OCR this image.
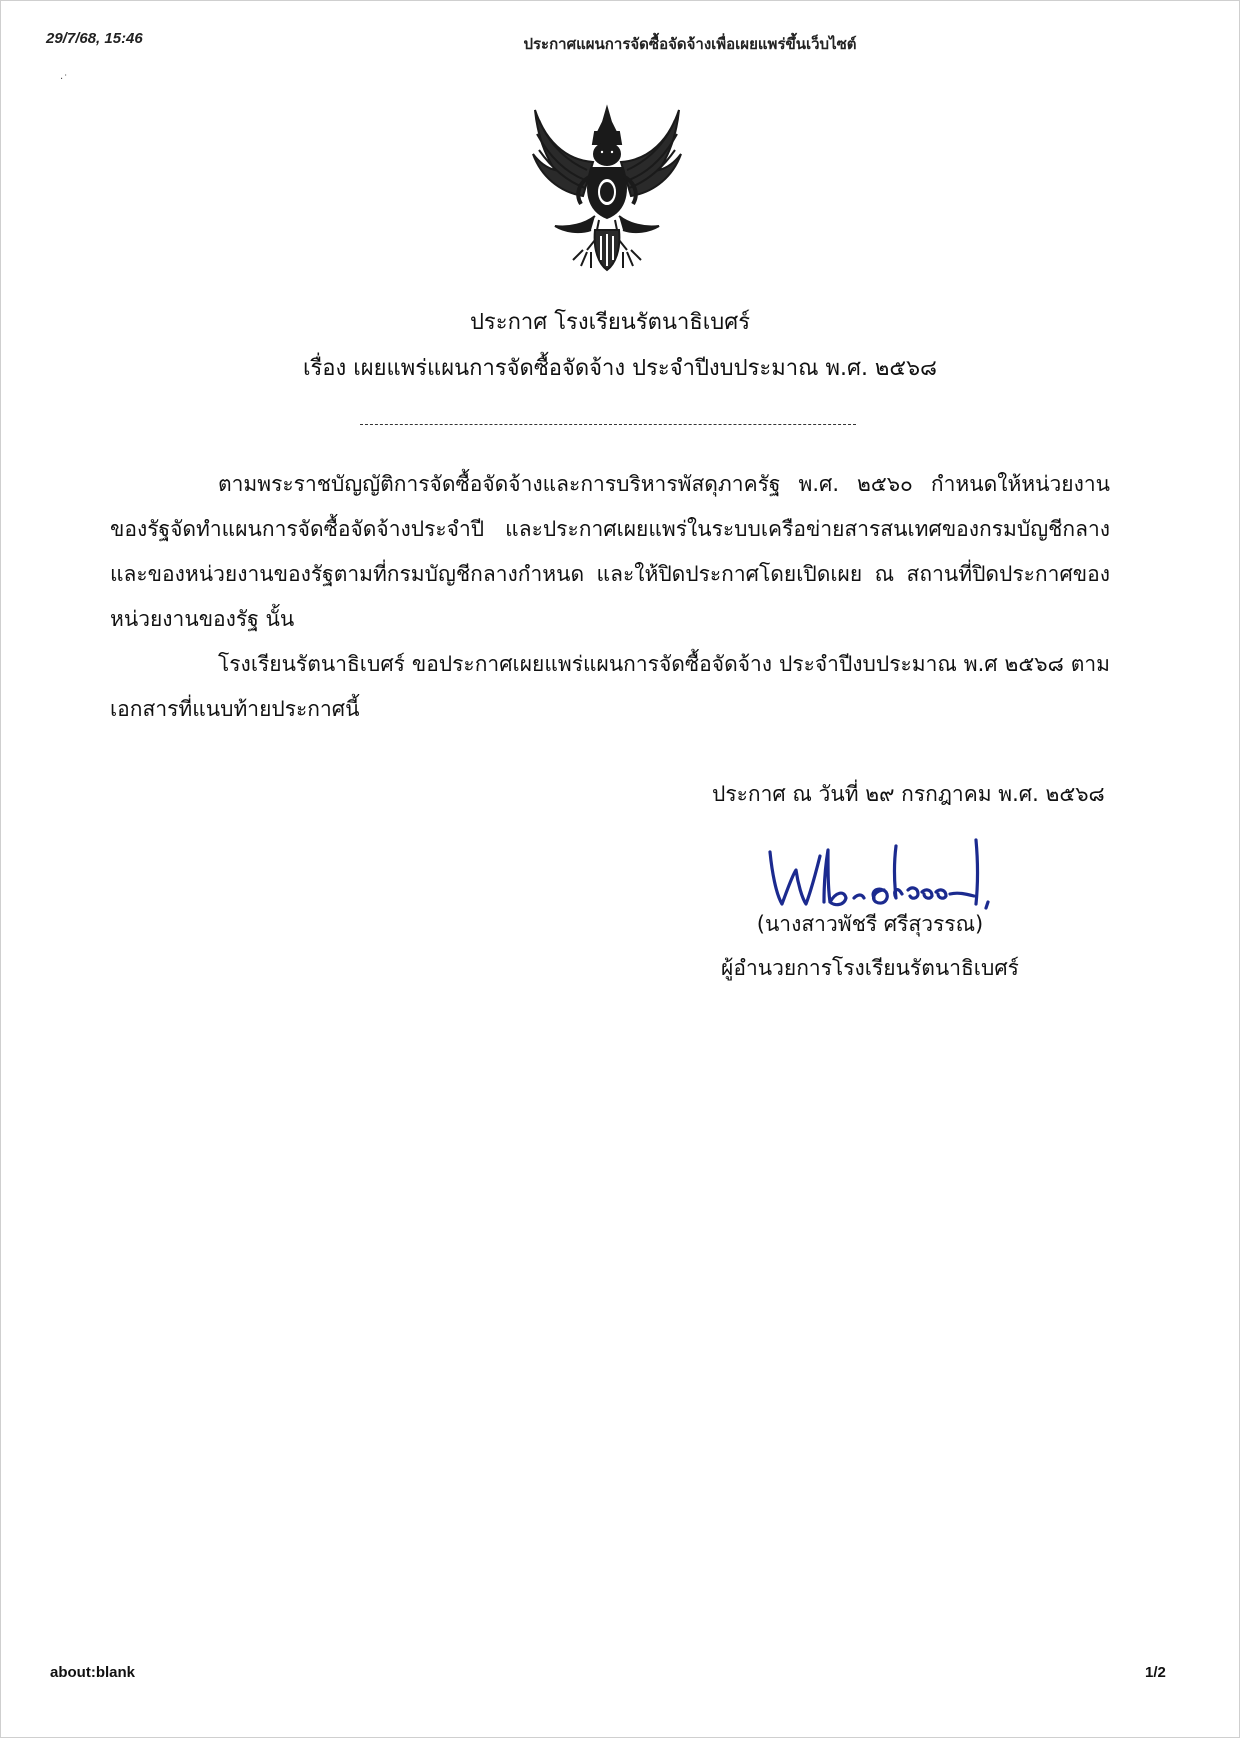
29/7/68, 15:46	ประกาศแผนการจัดซื้อจัดจ้างเพื่อเผยแพร่ขึ้นเว็บไซต์
·˙
ประกาศ โรงเรียนรัตนาธิเบศร์
เรื่อง เผยแพร่แผนการจัดซื้อจัดจ้าง ประจำปีงบประมาณ พ.ศ. ๒๕๖๘
ตามพระราชบัญญัติการจัดซื้อจัดจ้างและการบริหารพัสดุภาครัฐ พ.ศ. ๒๕๖๐ กำหนดให้หน่วยงานของรัฐจัดทำแผนการจัดซื้อจัดจ้างประจำปี และประกาศเผยแพร่ในระบบเครือข่ายสารสนเทศของกรมบัญชีกลางและของหน่วยงานของรัฐตามที่กรมบัญชีกลางกำหนด และให้ปิดประกาศโดยเปิดเผย ณ สถานที่ปิดประกาศของหน่วยงานของรัฐ นั้น
โรงเรียนรัตนาธิเบศร์ ขอประกาศเผยแพร่แผนการจัดซื้อจัดจ้าง ประจำปีงบประมาณ พ.ศ ๒๕๖๘ ตามเอกสารที่แนบท้ายประกาศนี้
ประกาศ ณ วันที่ ๒๙ กรกฎาคม พ.ศ. ๒๕๖๘
(นางสาวพัชรี ศรีสุวรรณ)
ผู้อำนวยการโรงเรียนรัตนาธิเบศร์
about:blank	1/2
